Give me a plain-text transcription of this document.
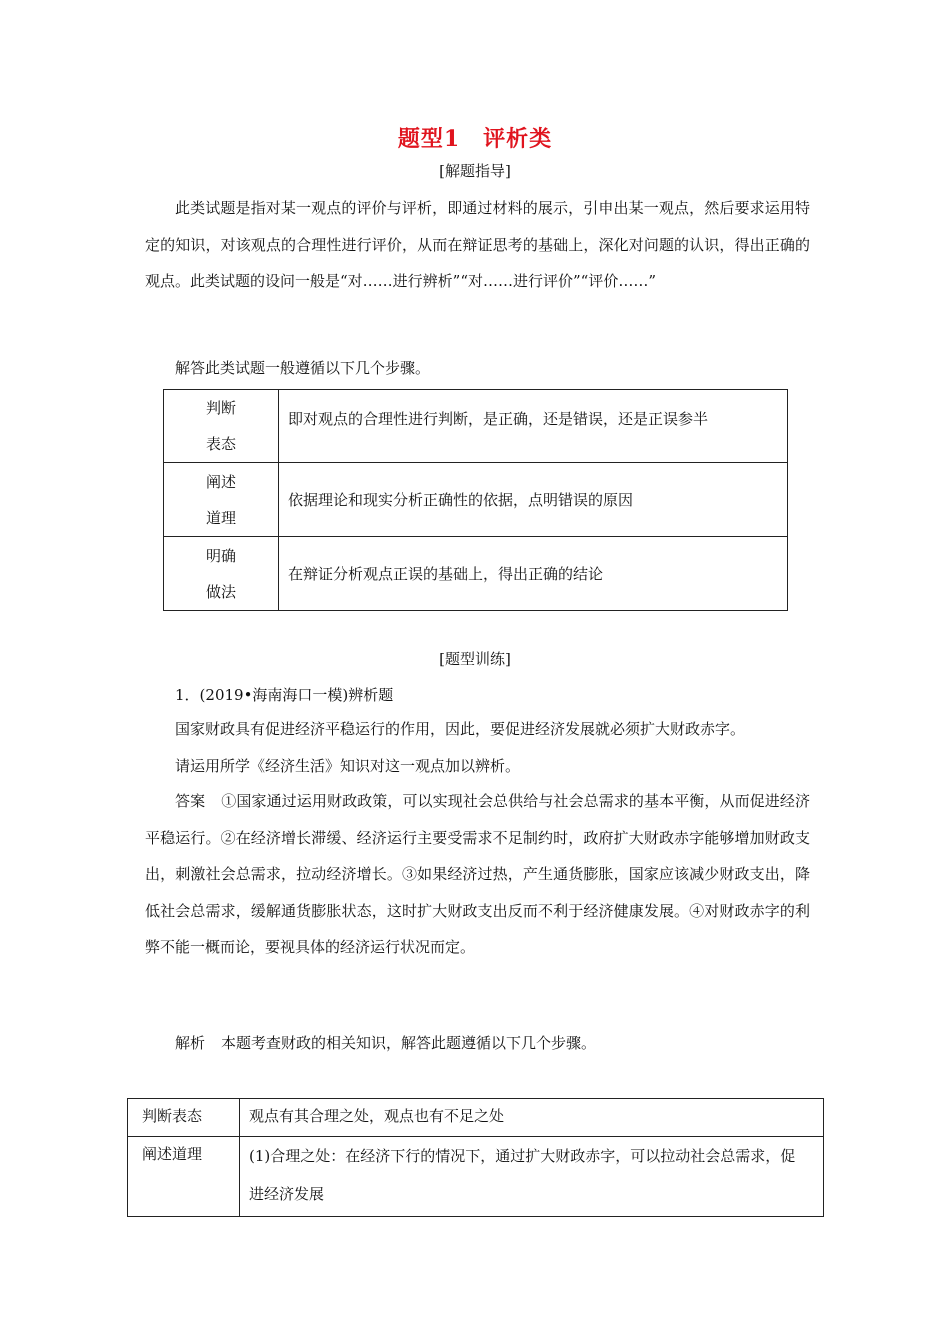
题型1　评析类
[解题指导]

此类试题是指对某一观点的评价与评析，即通过材料的展示，引申出某一观点，然后要求运用特定的知识，对该观点的合理性进行评价，从而在辩证思考的基础上，深化对问题的认识，得出正确的观点。此类试题的设问一般是“对……进行辨析”“对……进行评价”“评价……”

解答此类试题一般遵循以下几个步骤。
判断
表态	即对观点的合理性进行判断，是正确，还是错误，还是正误参半

阐述
道理	依据理论和现实分析正确性的依据，点明错误的原因

明确
做法	在辩证分析观点正误的基础上，得出正确的结论
[题型训练]
1．(2019•海南海口一模)辨析题
国家财政具有促进经济平稳运行的作用，因此，要促进经济发展就必须扩大财政赤字。
请运用所学《经济生活》知识对这一观点加以辨析。

答案 ①国家通过运用财政政策，可以实现社会总供给与社会总需求的基本平衡，从而促进经济平稳运行。②在经济增长滞缓、经济运行主要受需求不足制约时，政府扩大财政赤字能够增加财政支出，刺激社会总需求，拉动经济增长。③如果经济过热，产生通货膨胀，国家应该减少财政支出，降低社会总需求，缓解通货膨胀状态，这时扩大财政支出反而不利于经济健康发展。④对财政赤字的利弊不能一概而论，要视具体的经济运行状况而定。

解析 本题考查财政的相关知识，解答此题遵循以下几个步骤。
判断表态	观点有其合理之处，观点也有不足之处
阐述道理	(1)合理之处：在经济下行的情况下，通过扩大财政赤字，可以拉动社会总需求，促进经济发展
